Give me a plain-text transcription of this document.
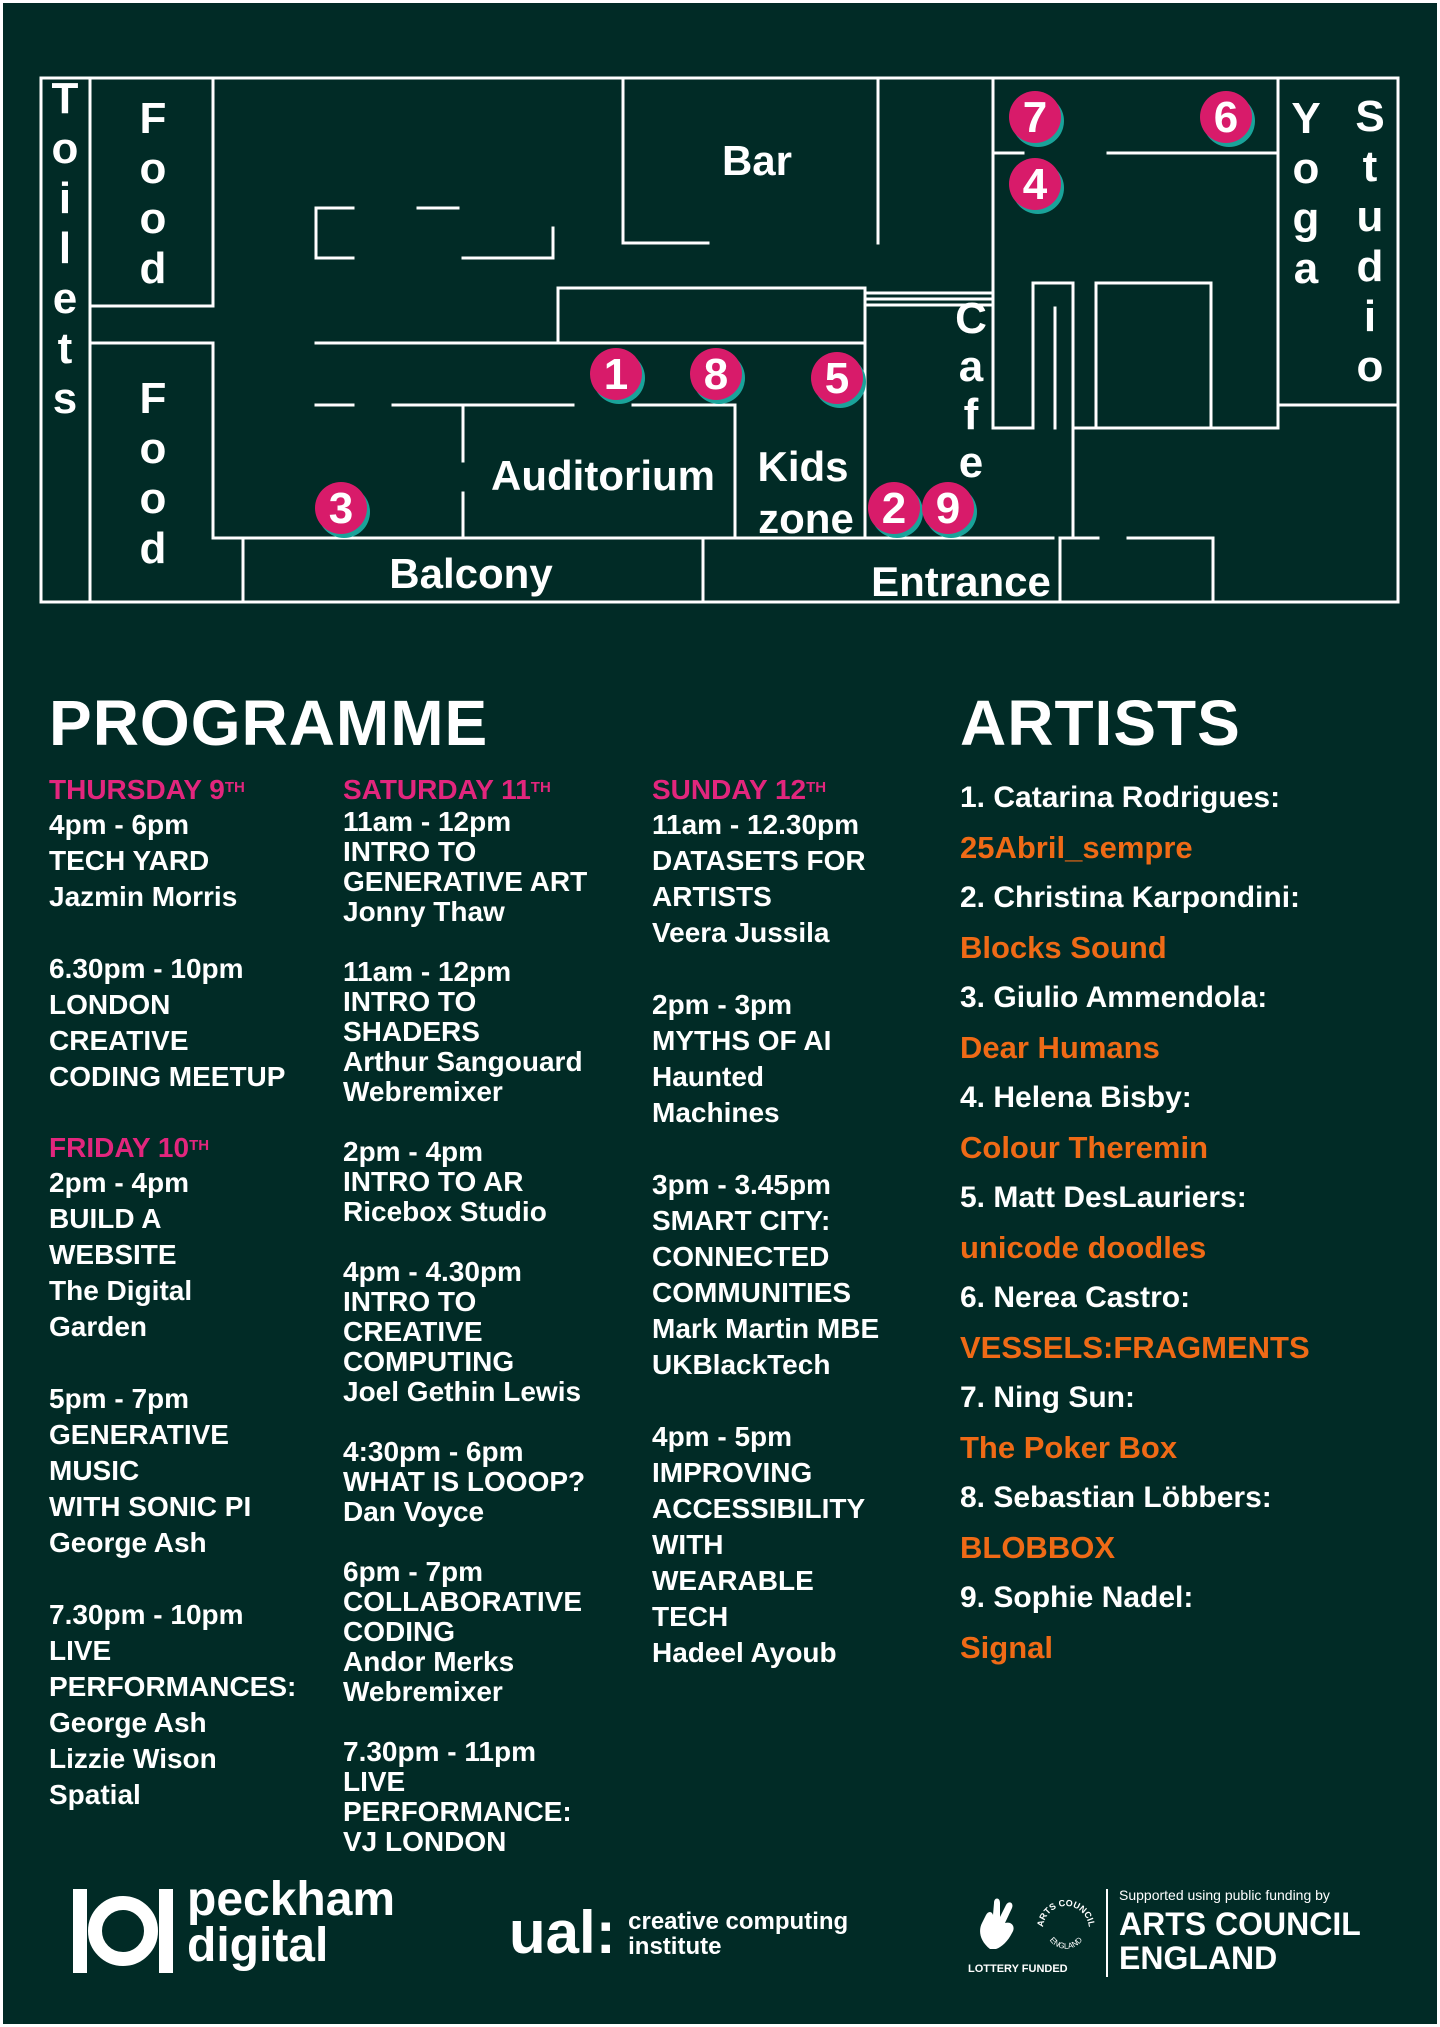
T o i l e t s
F o o d
F o o d
C a f e
Y o g a
S t u d i o
Bar
Auditorium Kids
zone
Balcony	Entrance
1
2
3
4
5
6
7
8
9
PROGRAMME	ARTISTS
THURSDAY 9TH
4pm - 6pm
TECH YARD
Jazmin Morris
6.30pm - 10pm
LONDON
CREATIVE
CODING MEETUP
FRIDAY 10TH
2pm - 4pm
BUILD A
WEBSITE
The Digital
Garden
5pm - 7pm
GENERATIVE
MUSIC
WITH SONIC PI
George Ash
7.30pm - 10pm
LIVE
PERFORMANCES:
George Ash
Lizzie Wison
Spatial
SATURDAY 11TH
11am - 12pm
INTRO TO
GENERATIVE ART
Jonny Thaw
11am - 12pm
INTRO TO
SHADERS
Arthur Sangouard
Webremixer
2pm - 4pm
INTRO TO AR
Ricebox Studio
4pm - 4.30pm
INTRO TO
CREATIVE
COMPUTING
Joel Gethin Lewis
4:30pm - 6pm
WHAT IS LOOOP?
Dan Voyce
6pm - 7pm
COLLABORATIVE
CODING
Andor Merks
Webremixer
7.30pm - 11pm
LIVE
PERFORMANCE:
VJ LONDON
SUNDAY 12TH
11am - 12.30pm
DATASETS FOR
ARTISTS
Veera Jussila
2pm - 3pm
MYTHS OF AI
Haunted
Machines
3pm - 3.45pm
SMART CITY:
CONNECTED
COMMUNITIES
Mark Martin MBE
UKBlackTech
4pm - 5pm
IMPROVING
ACCESSIBILITY
WITH
WEARABLE
TECH
Hadeel Ayoub
1. Catarina Rodrigues:
25Abril_sempre
2. Christina Karpondini:
Blocks Sound
3. Giulio Ammendola:
Dear Humans
4. Helena Bisby:
Colour Theremin
5. Matt DesLauriers:
unicode doodles
6. Nerea Castro:
VESSELS:FRAGMENTS
7. Ning Sun:
The Poker Box
8. Sebastian Löbbers:
BLOBBOX
9. Sophie Nadel:
Signal
peckham
digital	ual: creative computing
institute
ARTS COUNCIL
ENGLAND
LOTTERY FUNDED
Supported using public funding by
ARTS COUNCIL
ENGLAND
